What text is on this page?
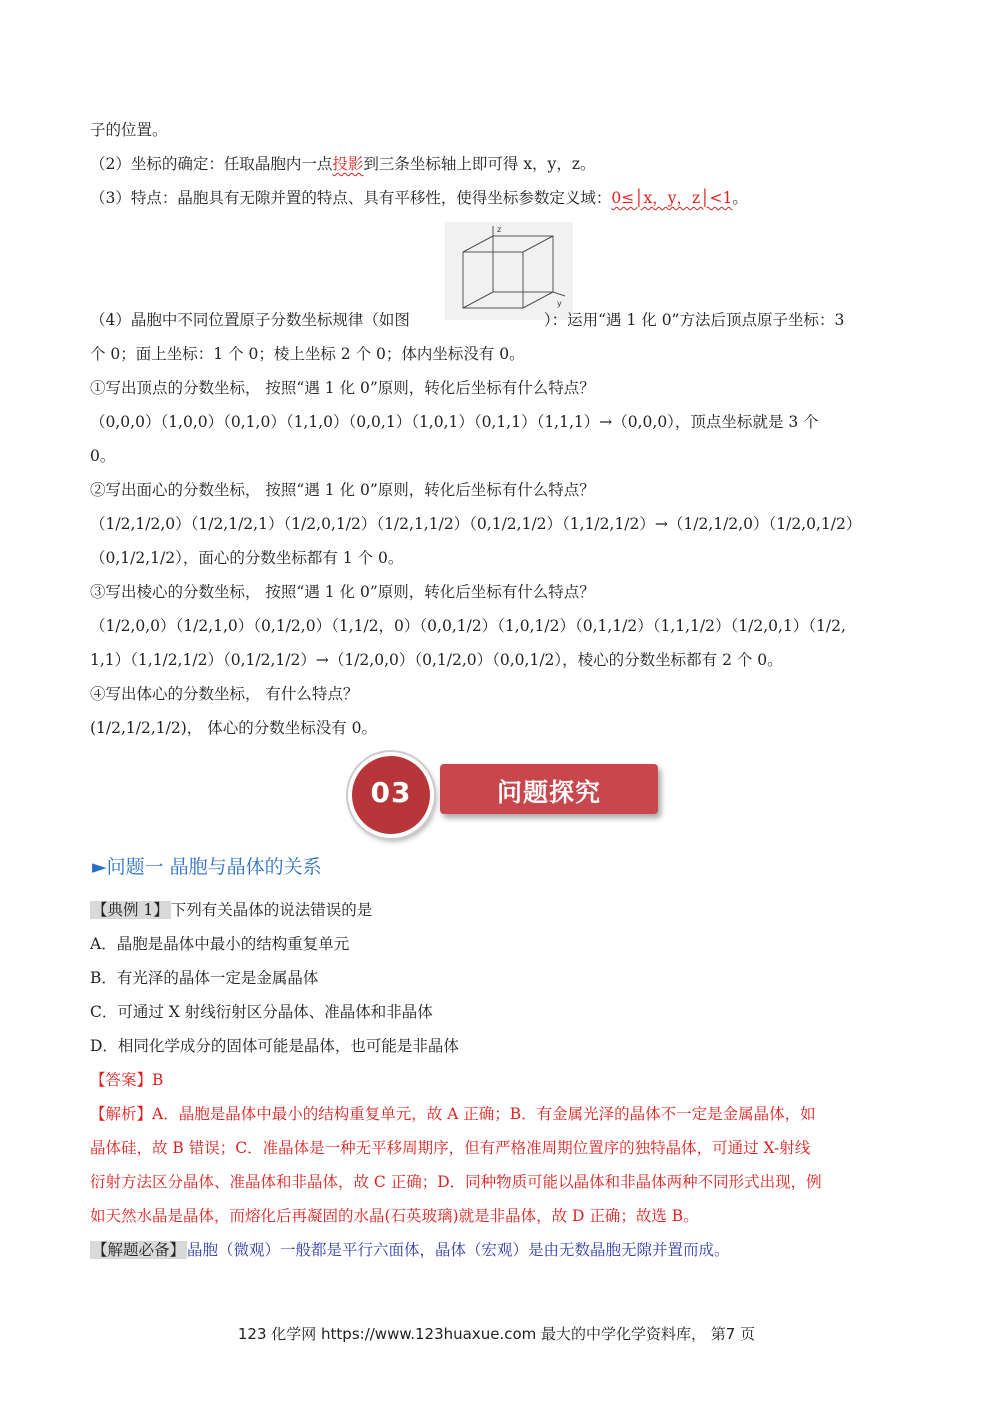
子的位置。
（2）坐标的确定：任取晶胞内一点投影到三条坐标轴上即可得 x，y，z。
（3）特点：晶胞具有无隙并置的特点、具有平移性，使得坐标参数定义域：0≤│x，y，z│<1。
z
y
（4）晶胞中不同位置原子分数坐标规律（如图	）：运用“遇 1 化 0”方法后顶点原子坐标：3
个 0；面上坐标：1 个 0；棱上坐标 2 个 0；体内坐标没有 0。
①写出顶点的分数坐标， 按照“遇 1 化 0”原则，转化后坐标有什么特点？
（0,0,0）（1,0,0）（0,1,0）（1,1,0）（0,0,1）（1,0,1）（0,1,1）（1,1,1）→（0,0,0），顶点坐标就是 3 个
0。
②写出面心的分数坐标， 按照“遇 1 化 0”原则，转化后坐标有什么特点？
（1/2,1/2,0）（1/2,1/2,1）（1/2,0,1/2）（1/2,1,1/2）（0,1/2,1/2）（1,1/2,1/2）→（1/2,1/2,0）（1/2,0,1/2）
（0,1/2,1/2），面心的分数坐标都有 1 个 0。
③写出棱心的分数坐标， 按照“遇 1 化 0”原则，转化后坐标有什么特点？
（1/2,0,0）（1/2,1,0）（0,1/2,0）（1,1/2，0）（0,0,1/2）（1,0,1/2）（0,1,1/2）（1,1,1/2）（1/2,0,1）（1/2,
1,1）（1,1/2,1/2）（0,1/2,1/2）→（1/2,0,0）（0,1/2,0）（0,0,1/2），棱心的分数坐标都有 2 个 0。
④写出体心的分数坐标， 有什么特点？
(1/2,1/2,1/2)， 体心的分数坐标没有 0。
问题探究
03
►问题一 晶胞与晶体的关系
【典例 1】 下列有关晶体的说法错误的是
A．晶胞是晶体中最小的结构重复单元
B．有光泽的晶体一定是金属晶体
C．可通过 X 射线衍射区分晶体、准晶体和非晶体
D．相同化学成分的固体可能是晶体，也可能是非晶体
【答案】B
【解析】A．晶胞是晶体中最小的结构重复单元，故 A 正确；B．有金属光泽的晶体不一定是金属晶体，如
晶体硅，故 B 错误；C．准晶体是一种无平移周期序，但有严格准周期位置序的独特晶体，可通过 X-射线
衍射方法区分晶体、准晶体和非晶体，故 C 正确；D．同种物质可能以晶体和非晶体两种不同形式出现，例
如天然水晶是晶体，而熔化后再凝固的水晶(石英玻璃)就是非晶体，故 D 正确；故选 B。
【解题必备】 晶胞（微观）一般都是平行六面体，晶体（宏观）是由无数晶胞无隙并置而成。
123 化学网 https://www.123huaxue.com 最大的中学化学资料库， 第7 页
